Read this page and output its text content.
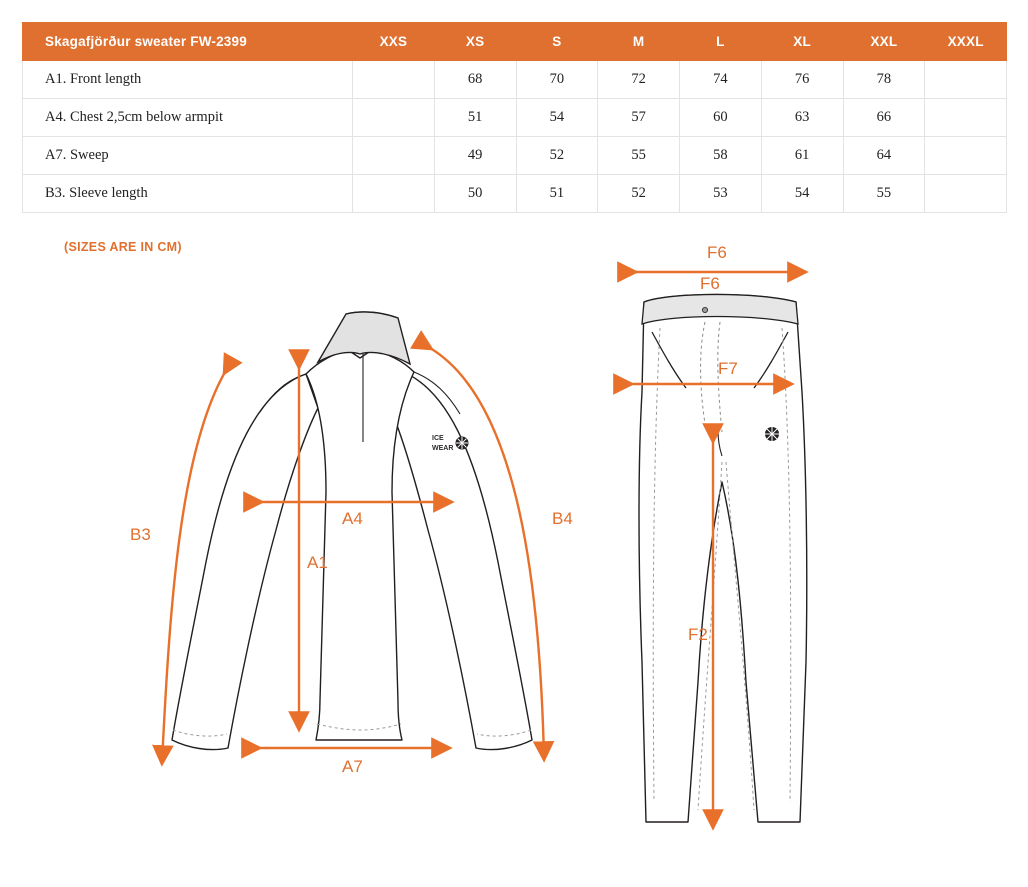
Skagafjörður sweater FW-2399	XXS	XS	S	M	L	XL	XXL	XXXL
A1. Front length		68	70	72	74	76	78	
A4. Chest 2,5cm below armpit		51	54	57	60	63	66	
A7. Sweep		49	52	55	58	61	64	
B3. Sleeve length		50	51	52	53	54	55	
(SIZES ARE IN CM)
ICE
WEAR
B3
B4
A4
A1
A7
F6
F7
F2
F6
